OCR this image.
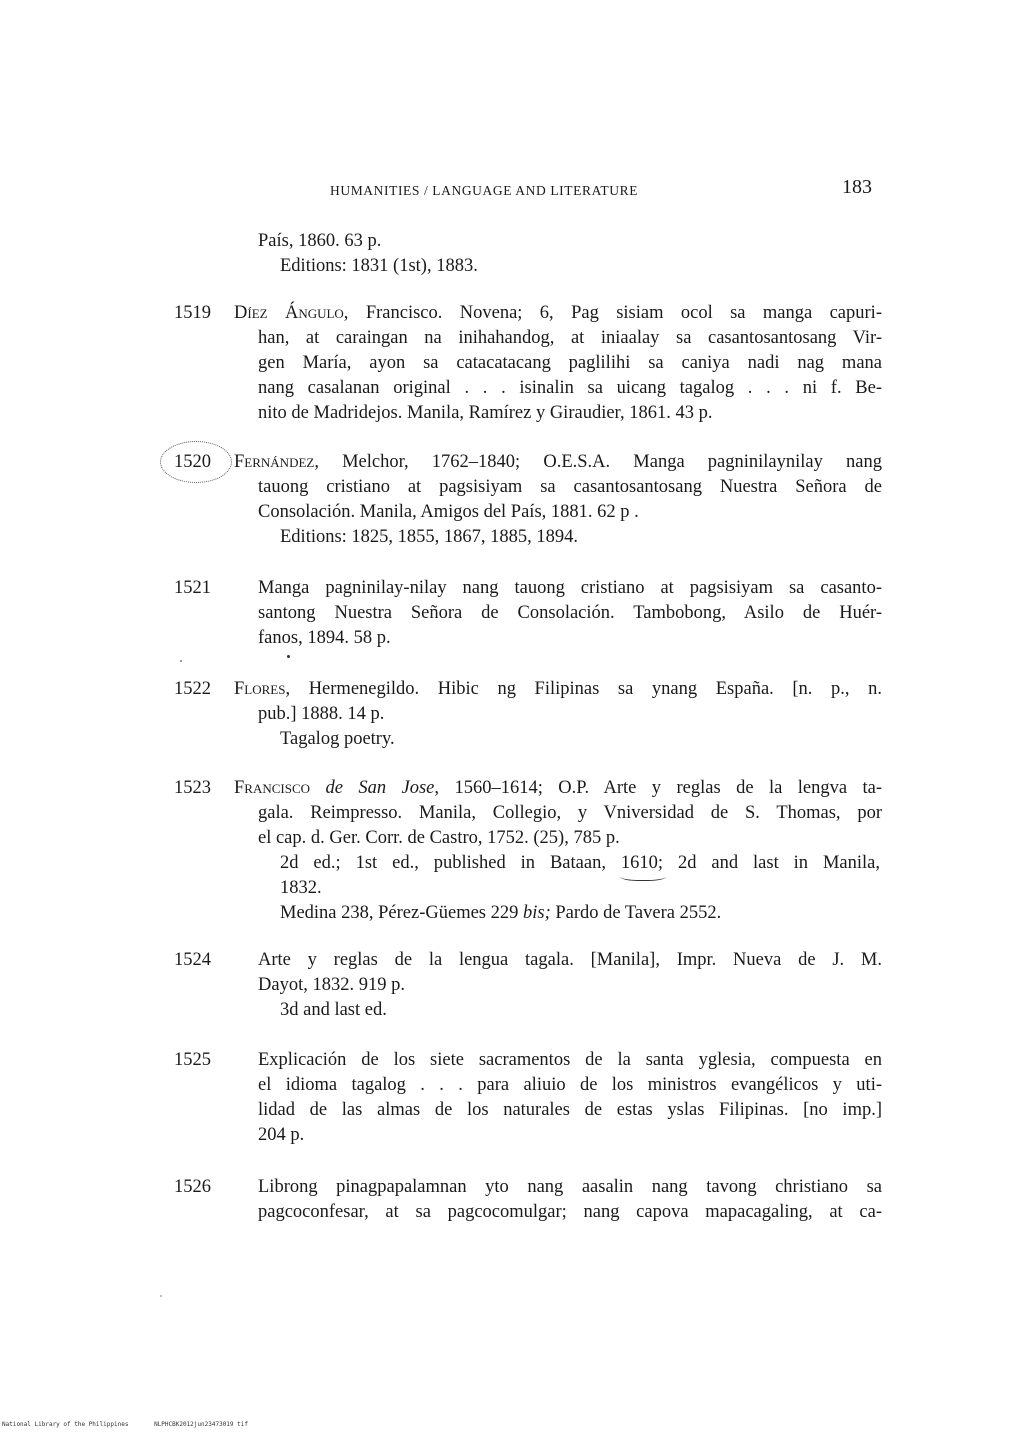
HUMANITIES / LANGUAGE AND LITERATURE	183
País, 1860. 63 p.
Editions: 1831 (1st), 1883.
1519 Díez Ángulo, Francisco. Novena; 6, Pag sisiam ocol sa manga capuri-
han, at caraingan na inihahandog, at iniaalay sa casantosantosang Vir-
gen María, ayon sa catacatacang paglilihi sa caniya nadi nag mana
nang casalanan original . . . isinalin sa uicang tagalog . . . ni f. Be-
nito de Madridejos. Manila, Ramírez y Giraudier, 1861. 43 p.
1520 Fernández, Melchor, 1762–1840; O.E.S.A. Manga pagninilaynilay nang
tauong cristiano at pagsisiyam sa casantosantosang Nuestra Señora de
Consolación. Manila, Amigos del País, 1881. 62 p .
Editions: 1825, 1855, 1867, 1885, 1894.
1521	Manga pagninilay-nilay nang tauong cristiano at pagsisiyam sa casanto-
santong Nuestra Señora de Consolación. Tambobong, Asilo de Huér-
fanos, 1894. 58 p.
1522 Flores, Hermenegildo. Hibic ng Filipinas sa ynang España. [n. p., n.
pub.] 1888. 14 p.
Tagalog poetry.
1523 Francisco de San Jose, 1560–1614; O.P. Arte y reglas de la lengva ta-
gala. Reimpresso. Manila, Collegio, y Vniversidad de S. Thomas, por
el cap. d. Ger. Corr. de Castro, 1752. (25), 785 p.
2d ed.; 1st ed., published in Bataan, 1610; 2d and last in Manila,
1832.
Medina 238, Pérez-Güemes 229 bis; Pardo de Tavera 2552.
1524	Arte y reglas de la lengua tagala. [Manila], Impr. Nueva de J. M.
Dayot, 1832. 919 p.
3d and last ed.
1525	Explicación de los siete sacramentos de la santa yglesia, compuesta en
el idioma tagalog . . . para aliuio de los ministros evangélicos y uti-
lidad de las almas de los naturales de estas yslas Filipinas. [no imp.]
204 p.
1526	Librong pinagpapalamnan yto nang aasalin nang tavong christiano sa
pagcoconfesar, at sa pagcocomulgar; nang capova mapacagaling, at ca-
National Library of the Philippines	NLPHCBK2012jun23473019 tif
